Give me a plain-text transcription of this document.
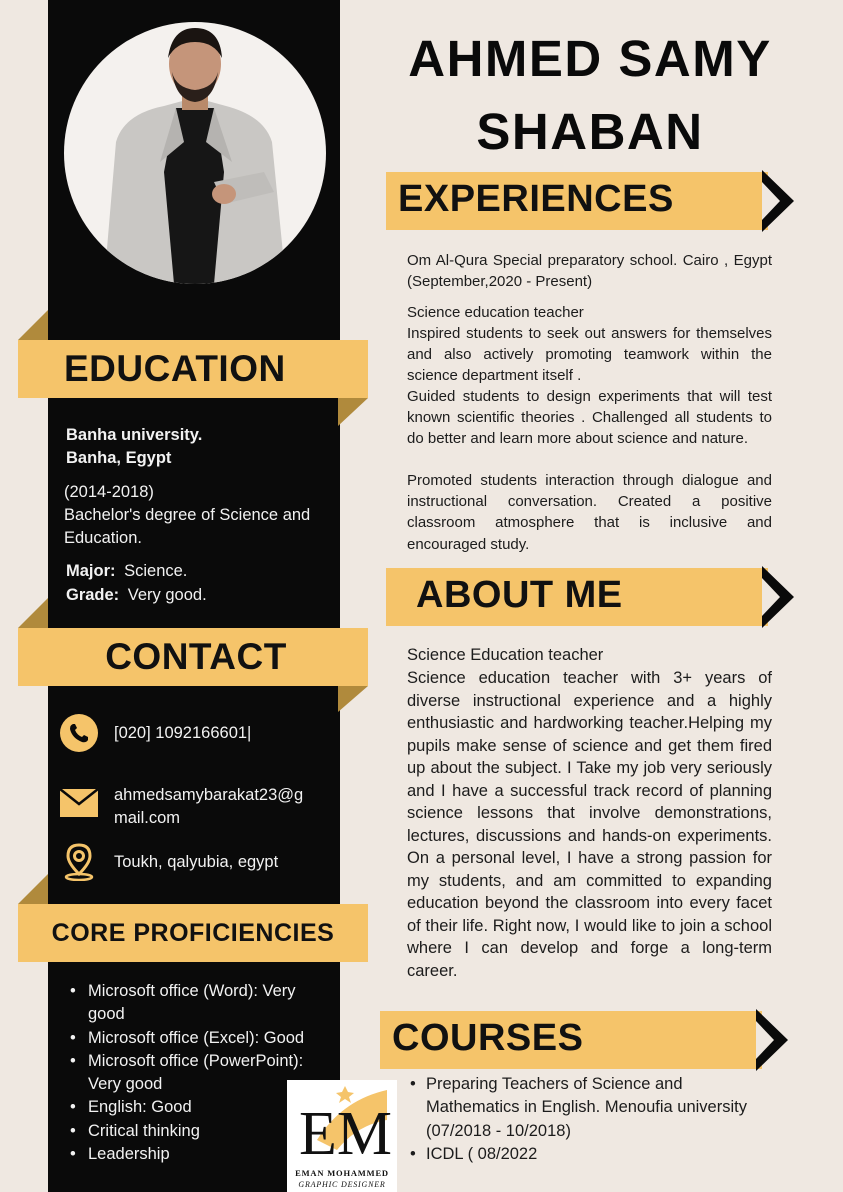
EDUCATION
Banha university.
Banha, Egypt
(2014-2018)
Bachelor's degree of Science and Education.
Major: Science.
Grade: Very good.
CONTACT
[020] 1092166601|
ahmedsamybarakat23@g
mail.com
Toukh, qalyubia, egypt
CORE PROFICIENCIES
• Microsoft office (Word): Very good
• Microsoft office (Excel): Good
• Microsoft office (PowerPoint): Very good
• English: Good
• Critical thinking
• Leadership
AHMED SAMY
SHABAN
EXPERIENCES
Om Al-Qura Special preparatory school. Cairo , Egypt (September,2020 - Present)
Science education teacher
Inspired students to seek out answers for themselves and also actively promoting teamwork within the science department itself .
Guided students to design experiments that will test known scientific theories . Challenged all students to do better and learn more about science and nature.
Promoted students interaction through dialogue and instructional conversation. Created a positive classroom atmosphere that is inclusive and encouraged study.
ABOUT ME
Science Education teacher
Science education teacher with 3+ years of diverse instructional experience and a highly enthusiastic and hardworking teacher.Helping my pupils make sense of science and get them fired up about the subject. I Take my job very seriously and I have a successful track record of planning science lessons that involve demonstrations, lectures, discussions and hands-on experiments. On a personal level, I have a strong passion for my students, and am committed to expanding education beyond the classroom into every facet of their life. Right now, I would like to join a school where I can develop and forge a long-term career.
COURSES
• Preparing Teachers of Science and Mathematics in English. Menoufia university (07/2018 - 10/2018)
• ICDL ( 08/2022
EM
EMAN MOHAMMED
GRAPHIC DESIGNER
